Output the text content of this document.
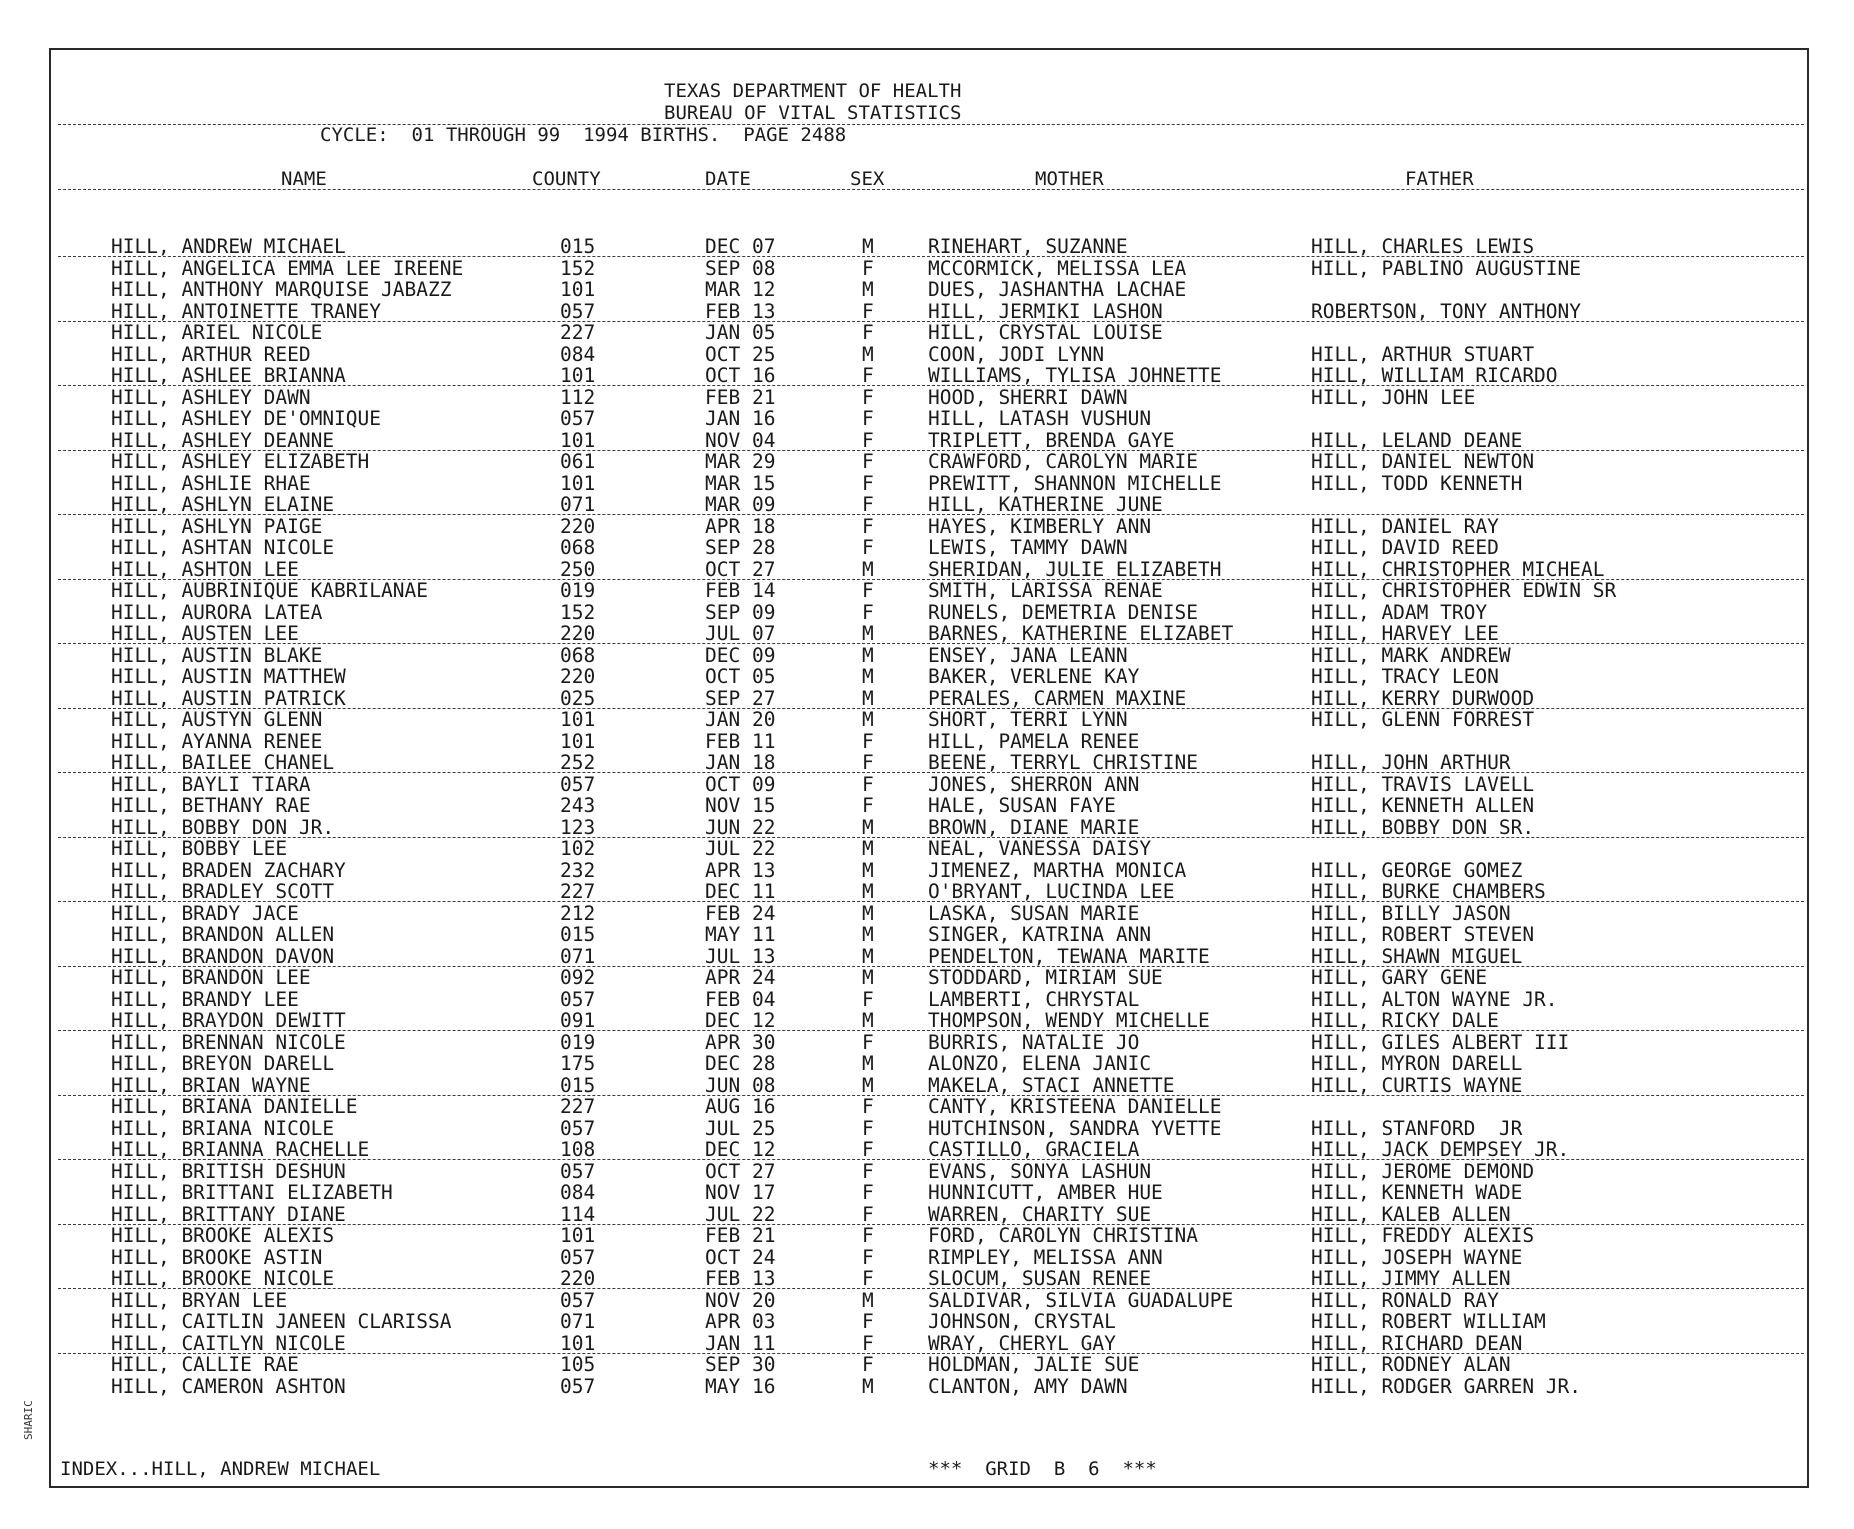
SHARIC
TEXAS DEPARTMENT OF HEALTH
BUREAU OF VITAL STATISTICS
CYCLE:  01 THROUGH 99  1994 BIRTHS.  PAGE 2488
NAME	COUNTY	DATE	SEX	MOTHER	FATHER
HILL, ANDREW MICHAEL	015	DEC 07	M	RINEHART, SUZANNE	HILL, CHARLES LEWIS
HILL, ANGELICA EMMA LEE IREENE	152	SEP 08	F	MCCORMICK, MELISSA LEA	HILL, PABLINO AUGUSTINE
HILL, ANTHONY MARQUISE JABAZZ	101	MAR 12	M	DUES, JASHANTHA LACHAE
HILL, ANTOINETTE TRANEY	057	FEB 13	F	HILL, JERMIKI LASHON	ROBERTSON, TONY ANTHONY
HILL, ARIEL NICOLE	227	JAN 05	F	HILL, CRYSTAL LOUISE
HILL, ARTHUR REED	084	OCT 25	M	COON, JODI LYNN	HILL, ARTHUR STUART
HILL, ASHLEE BRIANNA	101	OCT 16	F	WILLIAMS, TYLISA JOHNETTE	HILL, WILLIAM RICARDO
HILL, ASHLEY DAWN	112	FEB 21	F	HOOD, SHERRI DAWN	HILL, JOHN LEE
HILL, ASHLEY DE'OMNIQUE	057	JAN 16	F	HILL, LATASH VUSHUN
HILL, ASHLEY DEANNE	101	NOV 04	F	TRIPLETT, BRENDA GAYE	HILL, LELAND DEANE
HILL, ASHLEY ELIZABETH	061	MAR 29	F	CRAWFORD, CAROLYN MARIE	HILL, DANIEL NEWTON
HILL, ASHLIE RHAE	101	MAR 15	F	PREWITT, SHANNON MICHELLE	HILL, TODD KENNETH
HILL, ASHLYN ELAINE	071	MAR 09	F	HILL, KATHERINE JUNE
HILL, ASHLYN PAIGE	220	APR 18	F	HAYES, KIMBERLY ANN	HILL, DANIEL RAY
HILL, ASHTAN NICOLE	068	SEP 28	F	LEWIS, TAMMY DAWN	HILL, DAVID REED
HILL, ASHTON LEE	250	OCT 27	M	SHERIDAN, JULIE ELIZABETH	HILL, CHRISTOPHER MICHEAL
HILL, AUBRINIQUE KABRILANAE	019	FEB 14	F	SMITH, LARISSA RENAE	HILL, CHRISTOPHER EDWIN SR
HILL, AURORA LATEA	152	SEP 09	F	RUNELS, DEMETRIA DENISE	HILL, ADAM TROY
HILL, AUSTEN LEE	220	JUL 07	M	BARNES, KATHERINE ELIZABET	HILL, HARVEY LEE
HILL, AUSTIN BLAKE	068	DEC 09	M	ENSEY, JANA LEANN	HILL, MARK ANDREW
HILL, AUSTIN MATTHEW	220	OCT 05	M	BAKER, VERLENE KAY	HILL, TRACY LEON
HILL, AUSTIN PATRICK	025	SEP 27	M	PERALES, CARMEN MAXINE	HILL, KERRY DURWOOD
HILL, AUSTYN GLENN	101	JAN 20	M	SHORT, TERRI LYNN	HILL, GLENN FORREST
HILL, AYANNA RENEE	101	FEB 11	F	HILL, PAMELA RENEE
HILL, BAILEE CHANEL	252	JAN 18	F	BEENE, TERRYL CHRISTINE	HILL, JOHN ARTHUR
HILL, BAYLI TIARA	057	OCT 09	F	JONES, SHERRON ANN	HILL, TRAVIS LAVELL
HILL, BETHANY RAE	243	NOV 15	F	HALE, SUSAN FAYE	HILL, KENNETH ALLEN
HILL, BOBBY DON JR.	123	JUN 22	M	BROWN, DIANE MARIE	HILL, BOBBY DON SR.
HILL, BOBBY LEE	102	JUL 22	M	NEAL, VANESSA DAISY
HILL, BRADEN ZACHARY	232	APR 13	M	JIMENEZ, MARTHA MONICA	HILL, GEORGE GOMEZ
HILL, BRADLEY SCOTT	227	DEC 11	M	O'BRYANT, LUCINDA LEE	HILL, BURKE CHAMBERS
HILL, BRADY JACE	212	FEB 24	M	LASKA, SUSAN MARIE	HILL, BILLY JASON
HILL, BRANDON ALLEN	015	MAY 11	M	SINGER, KATRINA ANN	HILL, ROBERT STEVEN
HILL, BRANDON DAVON	071	JUL 13	M	PENDELTON, TEWANA MARITE	HILL, SHAWN MIGUEL
HILL, BRANDON LEE	092	APR 24	M	STODDARD, MIRIAM SUE	HILL, GARY GENE
HILL, BRANDY LEE	057	FEB 04	F	LAMBERTI, CHRYSTAL	HILL, ALTON WAYNE JR.
HILL, BRAYDON DEWITT	091	DEC 12	M	THOMPSON, WENDY MICHELLE	HILL, RICKY DALE
HILL, BRENNAN NICOLE	019	APR 30	F	BURRIS, NATALIE JO	HILL, GILES ALBERT III
HILL, BREYON DARELL	175	DEC 28	M	ALONZO, ELENA JANIC	HILL, MYRON DARELL
HILL, BRIAN WAYNE	015	JUN 08	M	MAKELA, STACI ANNETTE	HILL, CURTIS WAYNE
HILL, BRIANA DANIELLE	227	AUG 16	F	CANTY, KRISTEENA DANIELLE
HILL, BRIANA NICOLE	057	JUL 25	F	HUTCHINSON, SANDRA YVETTE	HILL, STANFORD  JR
HILL, BRIANNA RACHELLE	108	DEC 12	F	CASTILLO, GRACIELA	HILL, JACK DEMPSEY JR.
HILL, BRITISH DESHUN	057	OCT 27	F	EVANS, SONYA LASHUN	HILL, JEROME DEMOND
HILL, BRITTANI ELIZABETH	084	NOV 17	F	HUNNICUTT, AMBER HUE	HILL, KENNETH WADE
HILL, BRITTANY DIANE	114	JUL 22	F	WARREN, CHARITY SUE	HILL, KALEB ALLEN
HILL, BROOKE ALEXIS	101	FEB 21	F	FORD, CAROLYN CHRISTINA	HILL, FREDDY ALEXIS
HILL, BROOKE ASTIN	057	OCT 24	F	RIMPLEY, MELISSA ANN	HILL, JOSEPH WAYNE
HILL, BROOKE NICOLE	220	FEB 13	F	SLOCUM, SUSAN RENEE	HILL, JIMMY ALLEN
HILL, BRYAN LEE	057	NOV 20	M	SALDIVAR, SILVIA GUADALUPE	HILL, RONALD RAY
HILL, CAITLIN JANEEN CLARISSA	071	APR 03	F	JOHNSON, CRYSTAL	HILL, ROBERT WILLIAM
HILL, CAITLYN NICOLE	101	JAN 11	F	WRAY, CHERYL GAY	HILL, RICHARD DEAN
HILL, CALLIE RAE	105	SEP 30	F	HOLDMAN, JALIE SUE	HILL, RODNEY ALAN
HILL, CAMERON ASHTON	057	MAY 16	M	CLANTON, AMY DAWN	HILL, RODGER GARREN JR.
INDEX...HILL, ANDREW MICHAEL	***  GRID  B  6  ***
